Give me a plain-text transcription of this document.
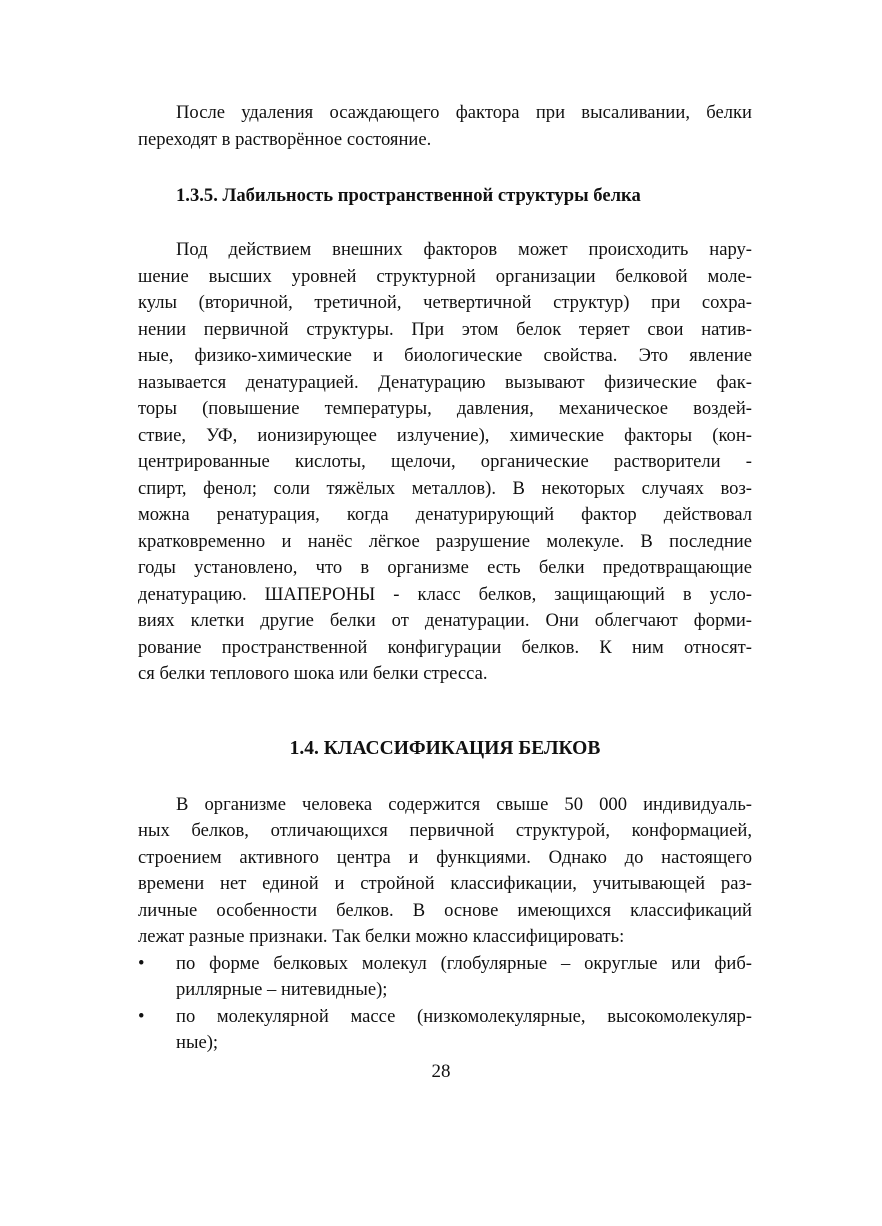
После удаления осаждающего фактора при высаливании, белки
переходят в растворённое состояние.
1.3.5. Лабильность пространственной структуры белка
Под действием внешних факторов может происходить нару-
шение высших уровней структурной организации белковой моле-
кулы (вторичной, третичной, четвертичной структур) при сохра-
нении первичной структуры. При этом белок теряет свои натив-
ные, физико-химические и биологические свойства. Это явление
называется денатурацией. Денатурацию вызывают физические фак-
торы (повышение температуры, давления, механическое воздей-
ствие, УФ, ионизирующее излучение), химические факторы (кон-
центрированные кислоты, щелочи, органические растворители -
спирт, фенол; соли тяжёлых металлов). В некоторых случаях воз-
можна ренатурация, когда денатурирующий фактор действовал
кратковременно и нанёс лёгкое разрушение молекуле. В последние
годы установлено, что в организме есть белки предотвращающие
денатурацию. ШАПЕРОНЫ - класс белков, защищающий в усло-
виях клетки другие белки от денатурации. Они облегчают форми-
рование пространственной конфигурации белков. К ним относят-
ся белки теплового шока или белки стресса.
1.4. КЛАССИФИКАЦИЯ БЕЛКОВ
В организме человека содержится свыше 50 000 индивидуаль-
ных белков, отличающихся первичной структурой, конформацией,
строением активного центра и функциями. Однако до настоящего
времени нет единой и стройной классификации, учитывающей раз-
личные особенности белков. В основе имеющихся классификаций
лежат разные признаки. Так белки можно классифицировать:
• по форме белковых молекул (глобулярные – округлые или фиб-
риллярные – нитевидные);
• по молекулярной массе (низкомолекулярные, высокомолекуляр-
ные);
28
